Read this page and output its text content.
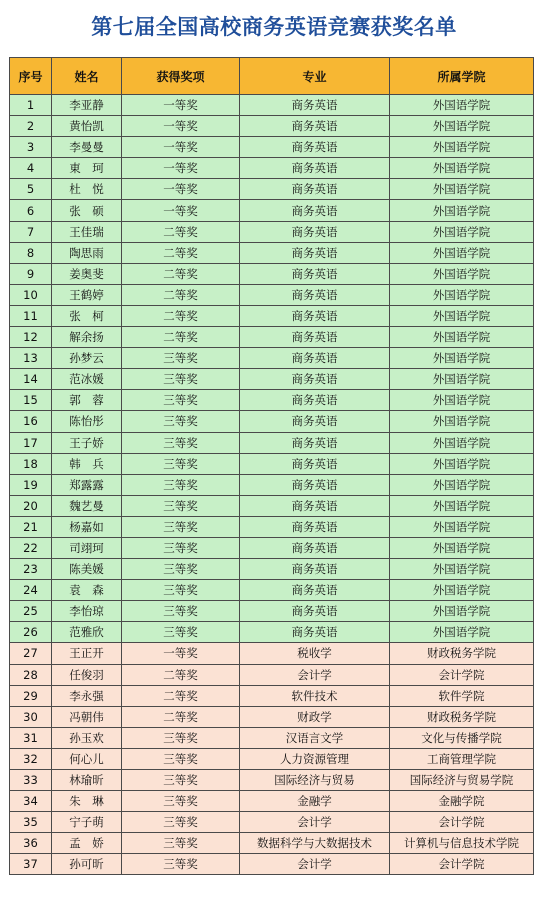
第七届全国高校商务英语竞赛获奖名单
序号	姓名	获得奖项	专业	所属学院
1	李亚静	一等奖	商务英语	外国语学院
2	黄怡凯	一等奖	商务英语	外国语学院
3	李曼曼	一等奖	商务英语	外国语学院
4	東　珂	一等奖	商务英语	外国语学院
5	杜　悦	一等奖	商务英语	外国语学院
6	张　硕	一等奖	商务英语	外国语学院
7	王佳瑞	二等奖	商务英语	外国语学院
8	陶思雨	二等奖	商务英语	外国语学院
9	姜奥斐	二等奖	商务英语	外国语学院
10	王鹤婷	二等奖	商务英语	外国语学院
11	张　柯	二等奖	商务英语	外国语学院
12	解余扬	二等奖	商务英语	外国语学院
13	孙梦云	三等奖	商务英语	外国语学院
14	范冰媛	三等奖	商务英语	外国语学院
15	郭　蓉	三等奖	商务英语	外国语学院
16	陈怡彤	三等奖	商务英语	外国语学院
17	王子娇	三等奖	商务英语	外国语学院
18	韩　兵	三等奖	商务英语	外国语学院
19	郑露露	三等奖	商务英语	外国语学院
20	魏艺曼	三等奖	商务英语	外国语学院
21	杨嘉如	三等奖	商务英语	外国语学院
22	司翊珂	三等奖	商务英语	外国语学院
23	陈美媛	三等奖	商务英语	外国语学院
24	袁　森	三等奖	商务英语	外国语学院
25	李怡琼	三等奖	商务英语	外国语学院
26	范雅欣	三等奖	商务英语	外国语学院
27	王正开	一等奖	税收学	财政税务学院
28	任俊羽	二等奖	会计学	会计学院
29	李永强	二等奖	软件技术	软件学院
30	冯朝伟	二等奖	财政学	财政税务学院
31	孙玉欢	三等奖	汉语言文学	文化与传播学院
32	何心儿	三等奖	人力资源管理	工商管理学院
33	林瑜昕	三等奖	国际经济与贸易	国际经济与贸易学院
34	朱　琳	三等奖	金融学	金融学院
35	宁子萌	三等奖	会计学	会计学院
36	孟　娇	三等奖	数据科学与大数据技术	计算机与信息技术学院
37	孙可昕	三等奖	会计学	会计学院
